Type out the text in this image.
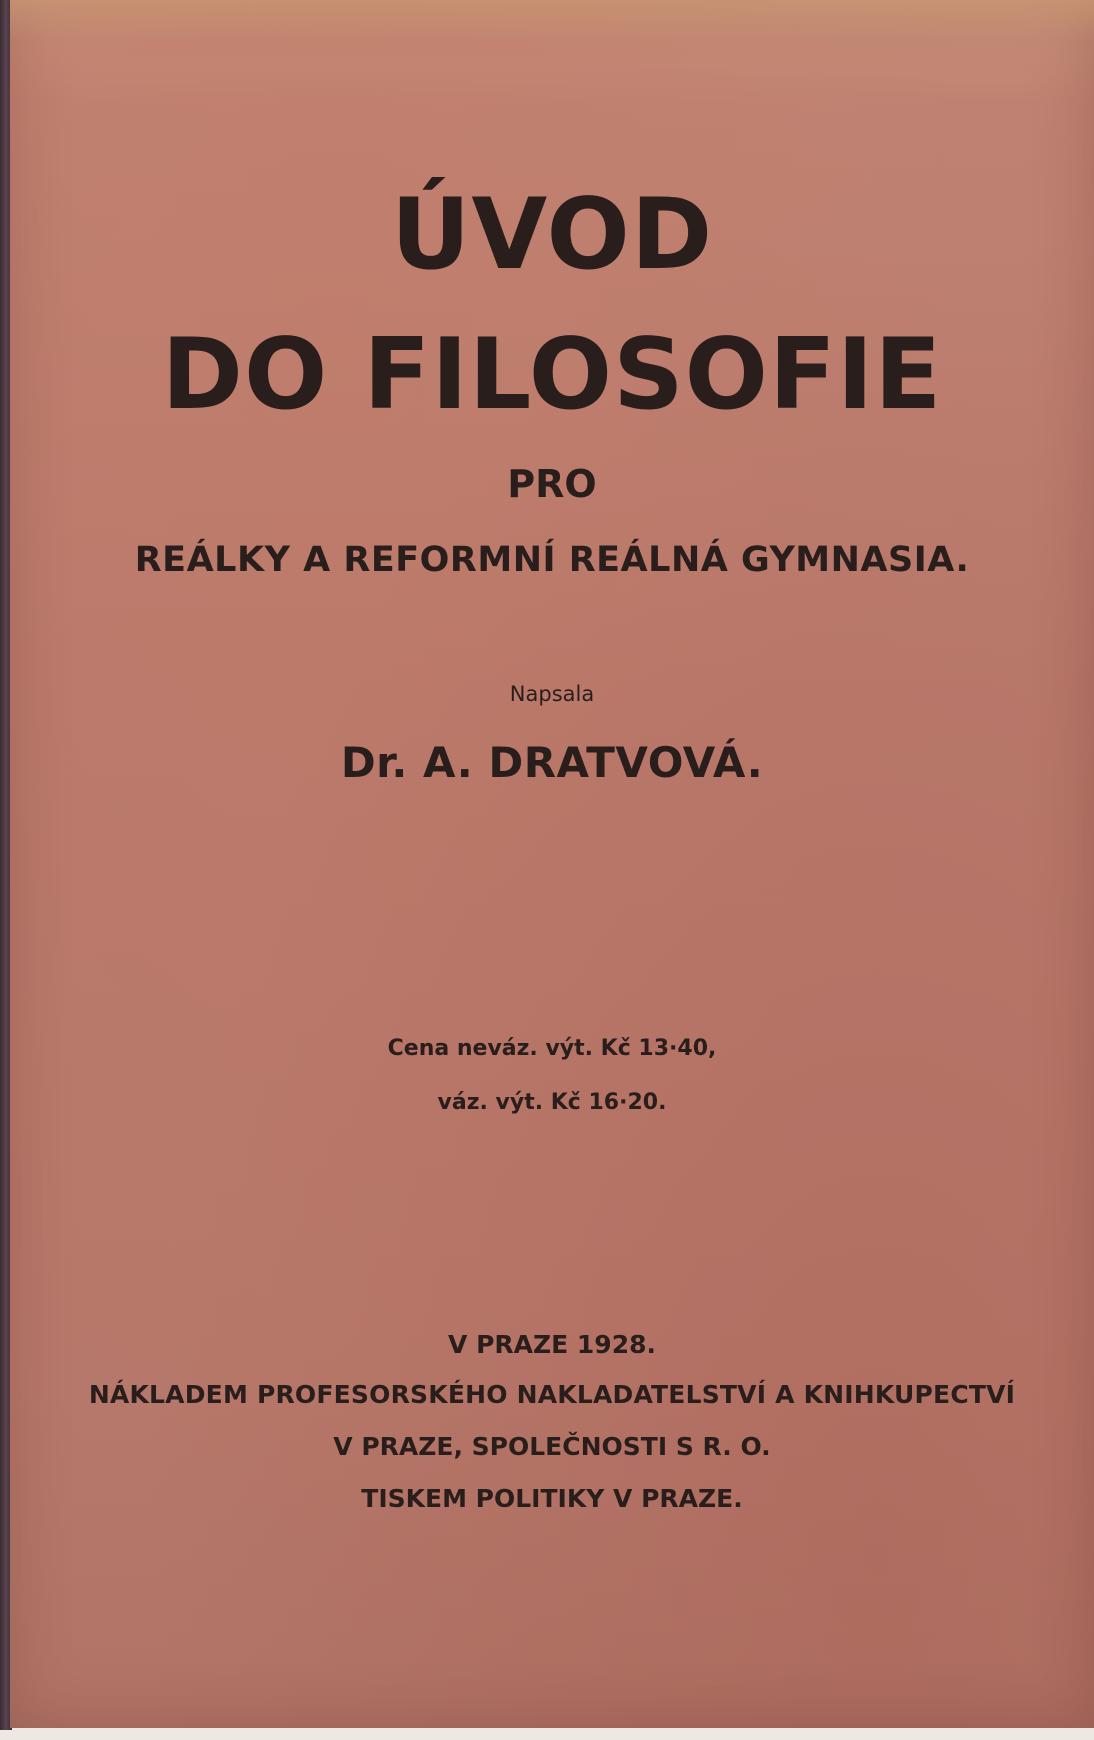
ÚVOD
DO FILOSOFIE
PRO
REÁLKY A REFORMNÍ REÁLNÁ GYMNASIA.
Napsala
Dr. A. DRATVOVÁ.
Cena neváz. výt. Kč 13·40,
váz. výt. Kč 16·20.
V PRAZE 1928.
NÁKLADEM PROFESORSKÉHO NAKLADATELSTVÍ A KNIHKUPECTVÍ
V PRAZE, SPOLEČNOSTI S R. O.
TISKEM POLITIKY V PRAZE.
